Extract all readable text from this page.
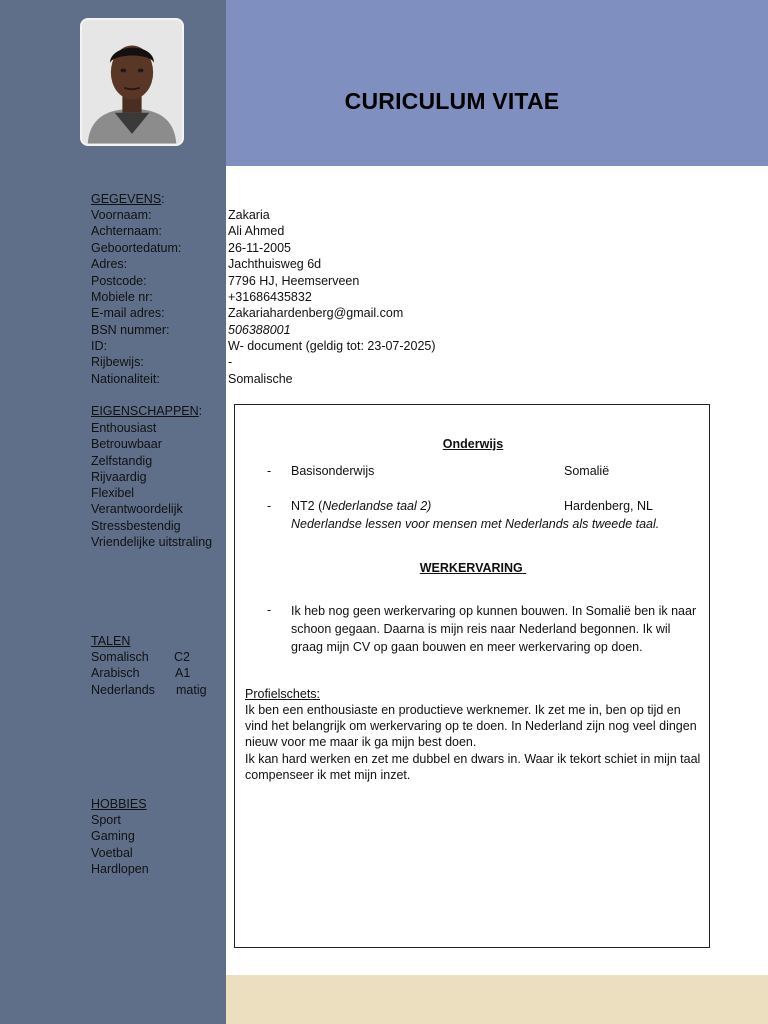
CURICULUM VITAE
GEGEVENS:
Voornaam:	Zakaria
Achternaam:	Ali Ahmed
Geboortedatum:	26-11-2005
Adres:	Jachthuisweg 6d
Postcode:	7796 HJ, Heemserveen
Mobiele nr:	+31686435832
E-mail adres:	Zakariahardenberg@gmail.com
BSN nummer:	506388001
ID:	W- document (geldig tot: 23-07-2025)
Rijbewijs:	-
Nationaliteit:	Somalische
EIGENSCHAPPEN:
Enthousiast
Betrouwbaar
Zelfstandig
Rijvaardig
Flexibel
Verantwoordelijk
Stressbestendig
Vriendelijke uitstraling
TALEN
Somalisch C2
Arabisch	A1
Nederlands matig
HOBBIES
Sport
Gaming
Voetbal
Hardlopen
Onderwijs
- Basisonderwijs	Somalië
- NT2 (Nederlandse taal 2)	Hardenberg, NL
Nederlandse lessen voor mensen met Nederlands als tweede taal.
WERKERVARING
- Ik heb nog geen werkervaring op kunnen bouwen. In Somalië ben ik naar schoon gegaan. Daarna is mijn reis naar Nederland begonnen. Ik wil graag mijn CV op gaan bouwen en meer werkervaring op doen.
Profielschets:
Ik ben een enthousiaste en productieve werknemer. Ik zet me in, ben op tijd en vind het belangrijk om werkervaring op te doen. In Nederland zijn nog veel dingen nieuw voor me maar ik ga mijn best doen.
Ik kan hard werken en zet me dubbel en dwars in. Waar ik tekort schiet in mijn taal compenseer ik met mijn inzet.
